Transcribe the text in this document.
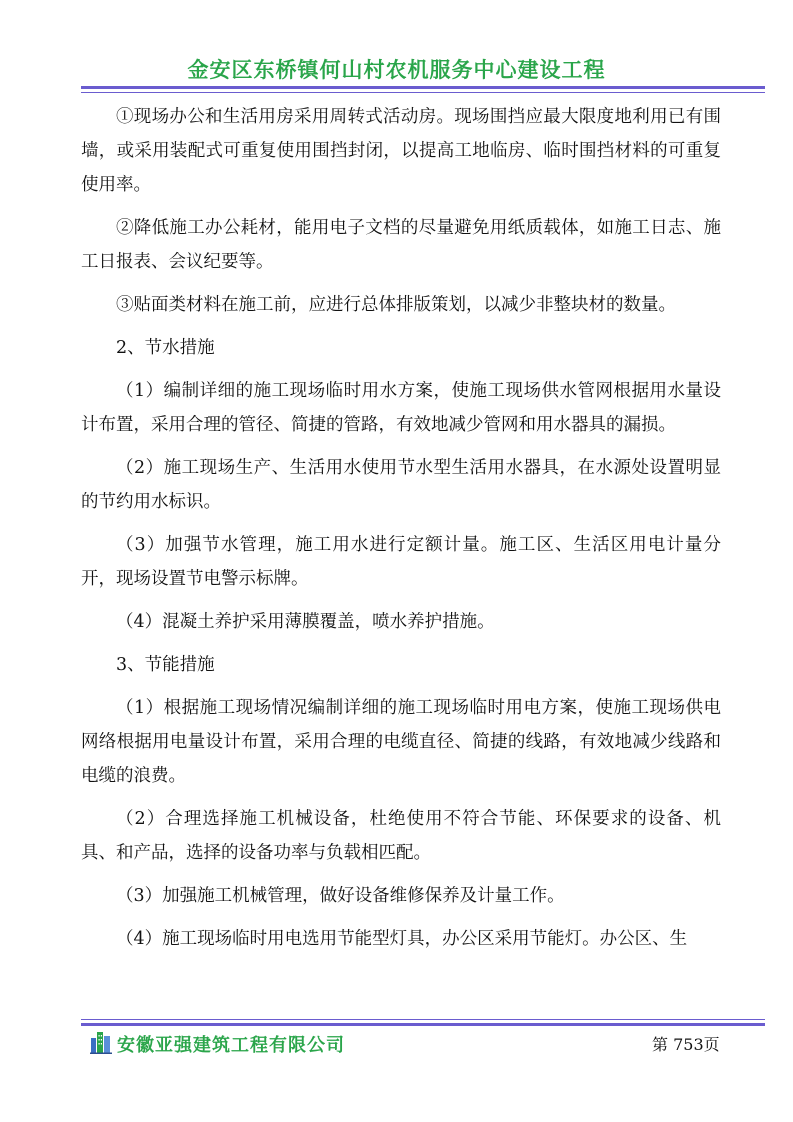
金安区东桥镇何山村农机服务中心建设工程

①现场办公和生活用房采用周转式活动房。现场围挡应最大限度地利用已有围墙，或采用装配式可重复使用围挡封闭，以提高工地临房、临时围挡材料的可重复使用率。

②降低施工办公耗材，能用电子文档的尽量避免用纸质载体，如施工日志、施工日报表、会议纪要等。

③贴面类材料在施工前，应进行总体排版策划，以减少非整块材的数量。

2、节水措施

（1）编制详细的施工现场临时用水方案，使施工现场供水管网根据用水量设计布置，采用合理的管径、简捷的管路，有效地减少管网和用水器具的漏损。

（2）施工现场生产、生活用水使用节水型生活用水器具，在水源处设置明显的节约用水标识。

（3）加强节水管理，施工用水进行定额计量。施工区、生活区用电计量分开，现场设置节电警示标牌。

（4）混凝土养护采用薄膜覆盖，喷水养护措施。

3、节能措施

（1）根据施工现场情况编制详细的施工现场临时用电方案，使施工现场供电网络根据用电量设计布置，采用合理的电缆直径、简捷的线路，有效地减少线路和电缆的浪费。

（2）合理选择施工机械设备，杜绝使用不符合节能、环保要求的设备、机具、和产品，选择的设备功率与负载相匹配。

（3）加强施工机械管理，做好设备维修保养及计量工作。

（4）施工现场临时用电选用节能型灯具，办公区采用节能灯。办公区、生

安徽亚强建筑工程有限公司	第 753页
